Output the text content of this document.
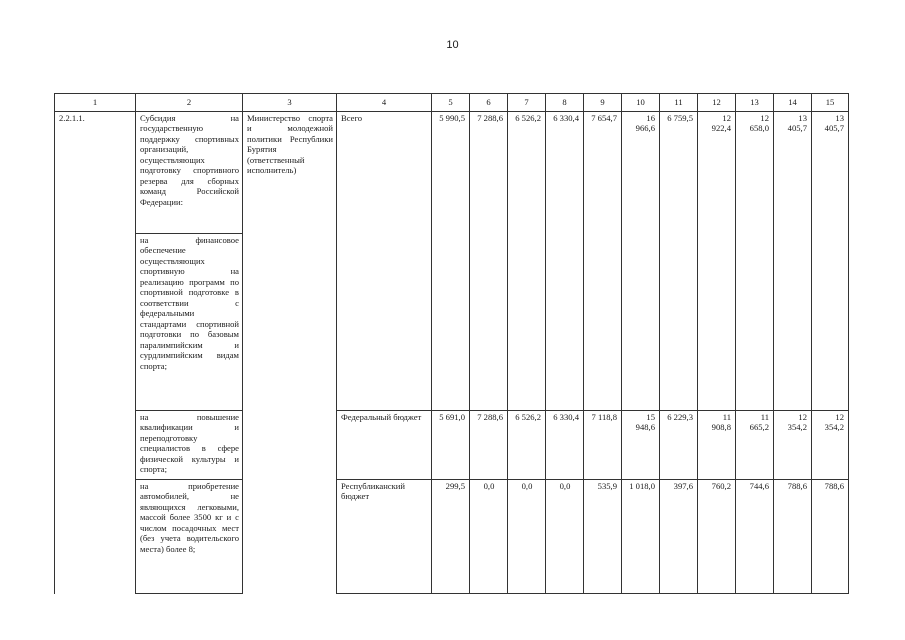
10
1	2	3	4	5	6	7	8	9	10	11	12	13	14	15
2.2.1.1.	Субсидия на государственную поддержку спортивных организаций, осуществляющих подготовку спортивного резерва для сборных команд Российской Федерации:	Министерство спорта и молодежной политики Республики Бурятия (ответственный исполнитель)	Всего	5 990,5	7 288,6	6 526,2	6 330,4	7 654,7	16 966,6	6 759,5	12 922,4	12 658,0	13 405,7	13 405,7
	на финансовое обеспечение осуществляющих спортивную на реализацию программ по спортивной подготовке в соответствии с федеральными стандартами спортивной подготовки по базовым паралимпийским и сурдлимпийским видам спорта;													
	на повышение квалификации и переподготовку специалистов в сфере физической культуры и спорта;		Федеральный бюджет	5 691,0	7 288,6	6 526,2	6 330,4	7 118,8	15 948,6	6 229,3	11 908,8	11 665,2	12 354,2	12 354,2
	на приобретение автомобилей, не являющихся легковыми, массой более 3500 кг и с числом посадочных мест (без учета водительского места) более 8;		Республиканский бюджет	299,5	0,0	0,0	0,0	535,9	1 018,0	397,6	760,2	744,6	788,6	788,6
